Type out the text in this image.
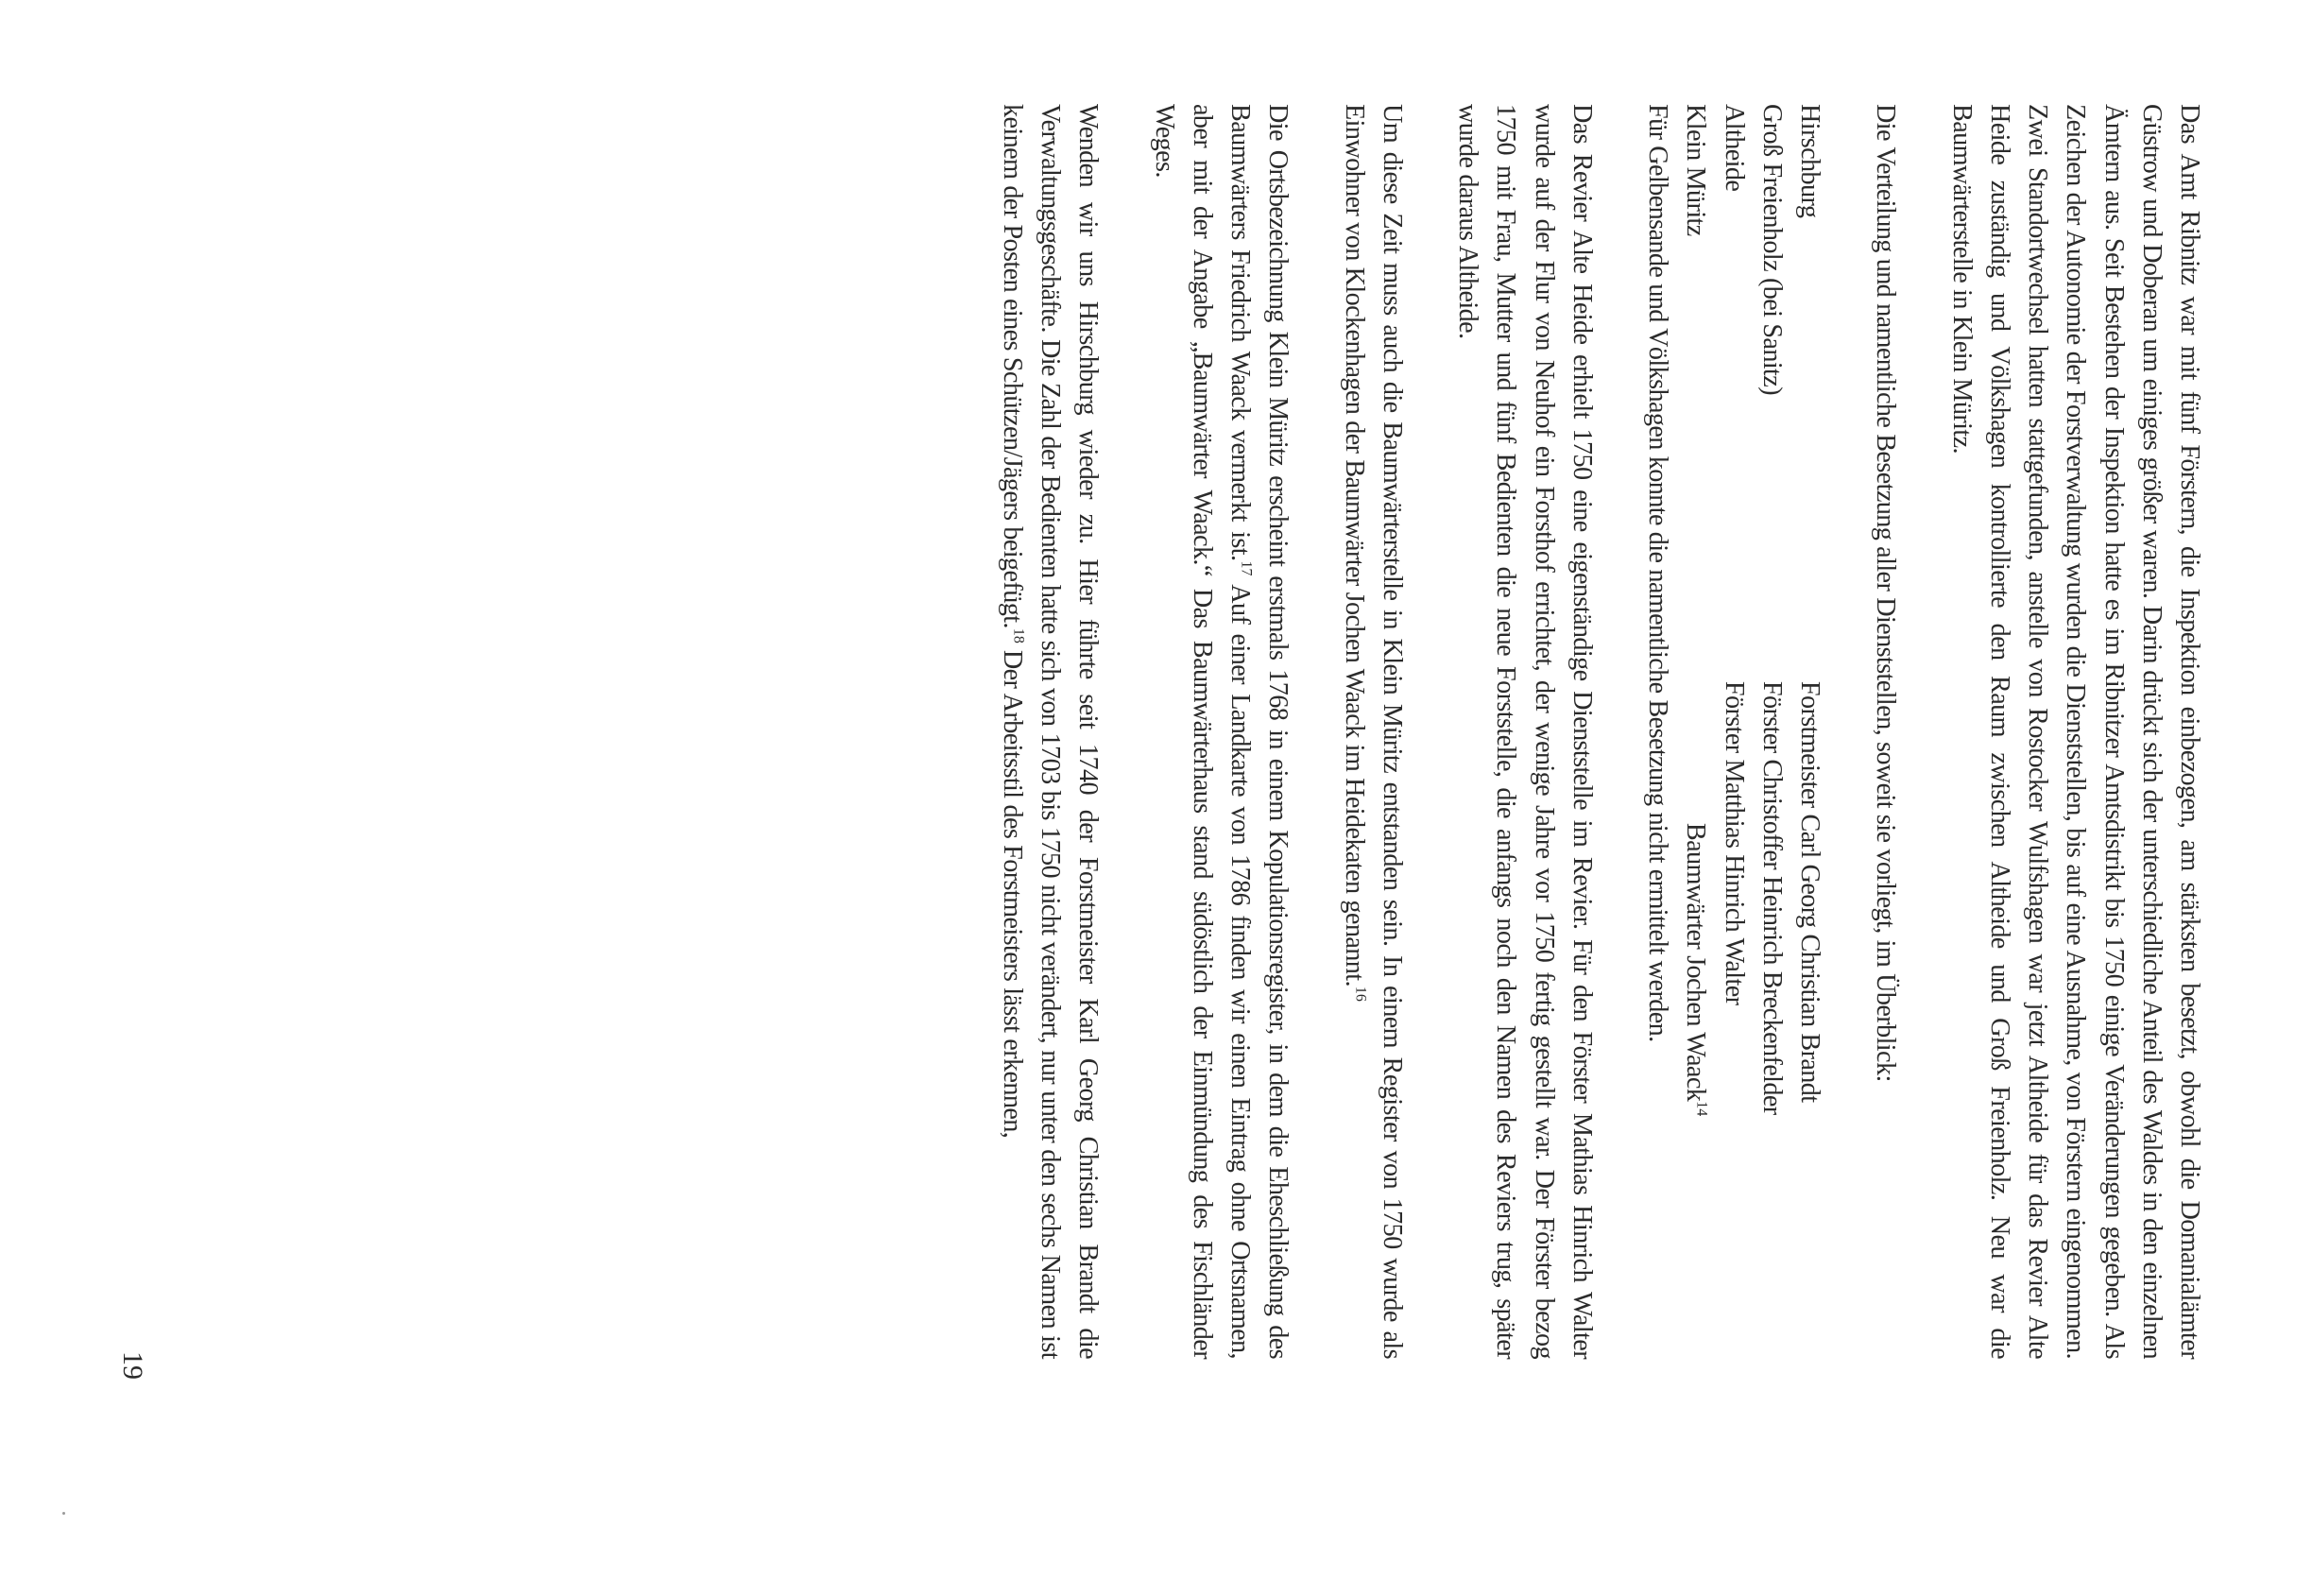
Das Amt Ribnitz war mit fünf Förstern, die Inspektion einbezogen, am stärksten besetzt, obwohl die Domanialämter Güstrow und Doberan um einiges größer waren. Darin drückt sich der unterschiedliche Anteil des Waldes in den einzelnen Ämtern aus. Seit Bestehen der Inspektion hatte es im Ribnitzer Amtsdistrikt bis 1750 einige Veränderungen gegeben. Als Zeichen der Autonomie der Forstverwaltung wurden die Dienststellen, bis auf eine Ausnahme, von Förstern eingenommen. Zwei Standortwechsel hatten stattgefunden, anstelle von Rostocker Wulfshagen war jetzt Altheide für das Revier Alte Heide zuständig und Völkshagen kontrollierte den Raum zwischen Altheide und Groß Freienholz. Neu war die Baumwärterstelle in Klein Müritz.

Die Verteilung und namentliche Besetzung aller Dienststellen, soweit sie vorliegt, im Überblick:

Hirschburg	Forstmeister Carl Georg Christian Brandt
Groß Freienholz (bei Sanitz)	Förster Christoffer Heinrich Breckenfelder
Altheide	Förster Matthias Hinrich Walter
Klein Müritz	Baumwärter Jochen Waack$^{14}$

Für Gelbensande und Völkshagen konnte die namentliche Besetzung nicht ermittelt werden.

Das Revier Alte Heide erhielt 1750 eine eigenständige Dienststelle im Revier. Für den Förster Mathias Hinrich Walter wurde auf der Flur von Neuhof ein Forsthof errichtet, der wenige Jahre vor 1750 fertig gestellt war. Der Förster bezog 1750 mit Frau, Mutter und fünf Bedienten die neue Forststelle, die anfangs noch den Namen des Reviers trug, später wurde daraus Altheide.

Um diese Zeit muss auch die Baumwärterstelle in Klein Müritz entstanden sein. In einem Register von 1750 wurde als Einwohner von Klockenhagen der Baumwärter Jochen Waack im Heidekaten genannt.$^{16}$

Die Ortsbezeichnung Klein Müritz erscheint erstmals 1768 in einem Kopulationsregister, in dem die Eheschließung des Baumwärters Friedrich Waack vermerkt ist.$^{17}$ Auf einer Landkarte von 1786 finden wir einen Eintrag ohne Ortsnamen, aber mit der Angabe „Baumwärter Waack.“ Das Baumwärterhaus stand südöstlich der Einmündung des Fischländer Weges.

Wenden wir uns Hirschburg wieder zu. Hier führte seit 1740 der Forstmeister Karl Georg Christian Brandt die Verwaltungsgeschäfte. Die Zahl der Bedienten hatte sich von 1703 bis 1750 nicht verändert, nur unter den sechs Namen ist keinem der Posten eines Schützen/Jägers beigefügt.$^{18}$ Der Arbeitsstil des Forstmeisters lässt erkennen,

19
